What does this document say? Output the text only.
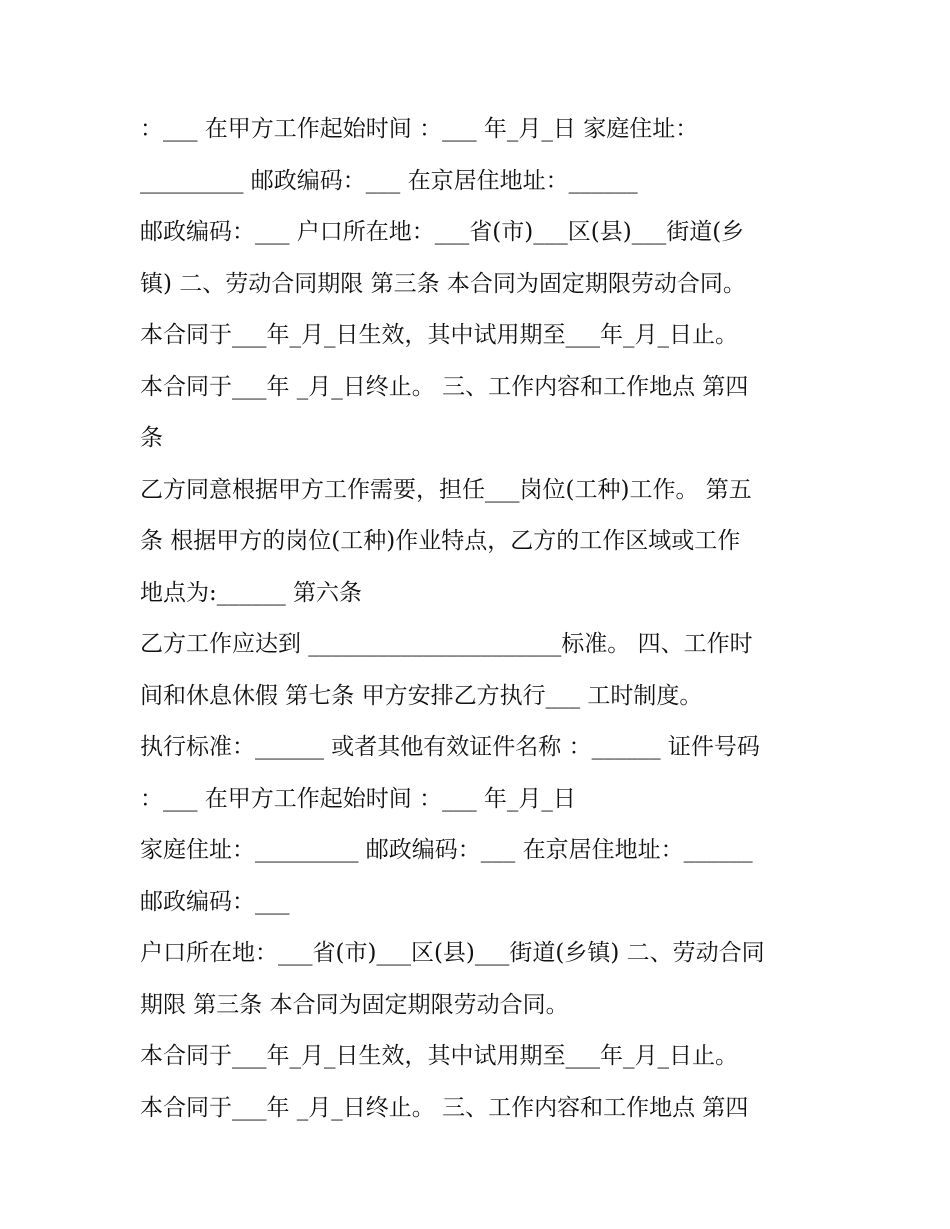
：___ 在甲方工作起始时间 ：___ 年_月_日 家庭住址：

_________ 邮政编码：___ 在京居住地址：______

邮政编码：___ 户口所在地：___省(市)___区(县)___街道(乡

镇) 二、劳动合同期限 第三条 本合同为固定期限劳动合同。

本合同于___年_月_日生效，其中试用期至___年_月_日止。

本合同于___年 _月_日终止。 三、工作内容和工作地点 第四

条

乙方同意根据甲方工作需要，担任___岗位(工种)工作。 第五

条 根据甲方的岗位(工种)作业特点，乙方的工作区域或工作

地点为:______ 第六条

乙方工作应达到 ______________________标准。 四、工作时

间和休息休假 第七条 甲方安排乙方执行___ 工时制度。

执行标准：______ 或者其他有效证件名称 ：______ 证件号码

：___ 在甲方工作起始时间 ：___ 年_月_日

家庭住址：_________ 邮政编码：___ 在京居住地址：______

邮政编码：___

户口所在地：___省(市)___区(县)___街道(乡镇) 二、劳动合同

期限 第三条 本合同为固定期限劳动合同。

本合同于___年_月_日生效，其中试用期至___年_月_日止。

本合同于___年 _月_日终止。 三、工作内容和工作地点 第四
